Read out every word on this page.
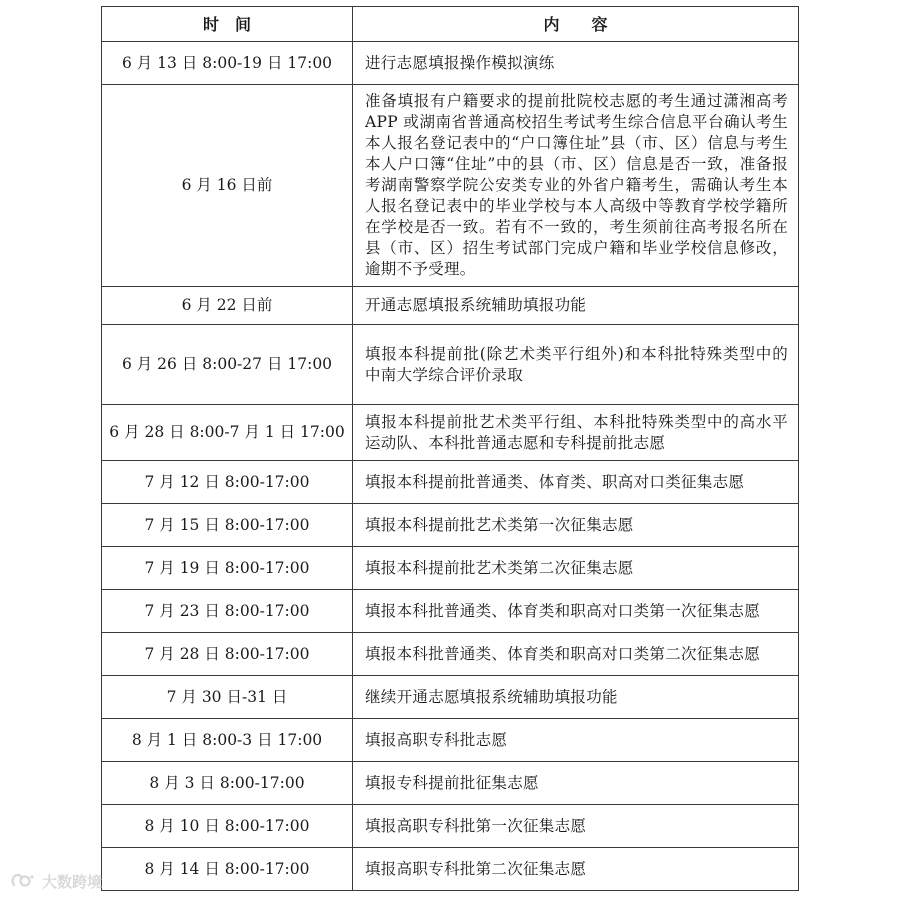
时　间	内　　容
6 月 13 日 8:00-19 日 17:00	进行志愿填报操作模拟演练

6 月 16 日前	准备填报有户籍要求的提前批院校志愿的考生通过潇湘高考 APP 或湖南省普通高校招生考试考生综合信息平台确认考生本人报名登记表中的“户口簿住址”县（市、区）信息与考生本人户口簿“住址”中的县（市、区）信息是否一致，准备报考湖南警察学院公安类专业的外省户籍考生，需确认考生本人报名登记表中的毕业学校与本人高级中等教育学校学籍所在学校是否一致。若有不一致的，考生须前往高考报名所在县（市、区）招生考试部门完成户籍和毕业学校信息修改，逾期不予受理。

6 月 22 日前	开通志愿填报系统辅助填报功能

6 月 26 日 8:00-27 日 17:00	填报本科提前批(除艺术类平行组外)和本科批特殊类型中的中南大学综合评价录取

6 月 28 日 8:00-7 月 1 日 17:00	填报本科提前批艺术类平行组、本科批特殊类型中的高水平运动队、本科批普通志愿和专科提前批志愿

7 月 12 日 8:00-17:00	填报本科提前批普通类、体育类、职高对口类征集志愿

7 月 15 日 8:00-17:00	填报本科提前批艺术类第一次征集志愿

7 月 19 日 8:00-17:00	填报本科提前批艺术类第二次征集志愿

7 月 23 日 8:00-17:00	填报本科批普通类、体育类和职高对口类第一次征集志愿

7 月 28 日 8:00-17:00	填报本科批普通类、体育类和职高对口类第二次征集志愿

7 月 30 日-31 日	继续开通志愿填报系统辅助填报功能

8 月 1 日 8:00-3 日 17:00	填报高职专科批志愿

8 月 3 日 8:00-17:00	填报专科提前批征集志愿

8 月 10 日 8:00-17:00	填报高职专科批第一次征集志愿

8 月 14 日 8:00-17:00	填报高职专科批第二次征集志愿
大数跨境
